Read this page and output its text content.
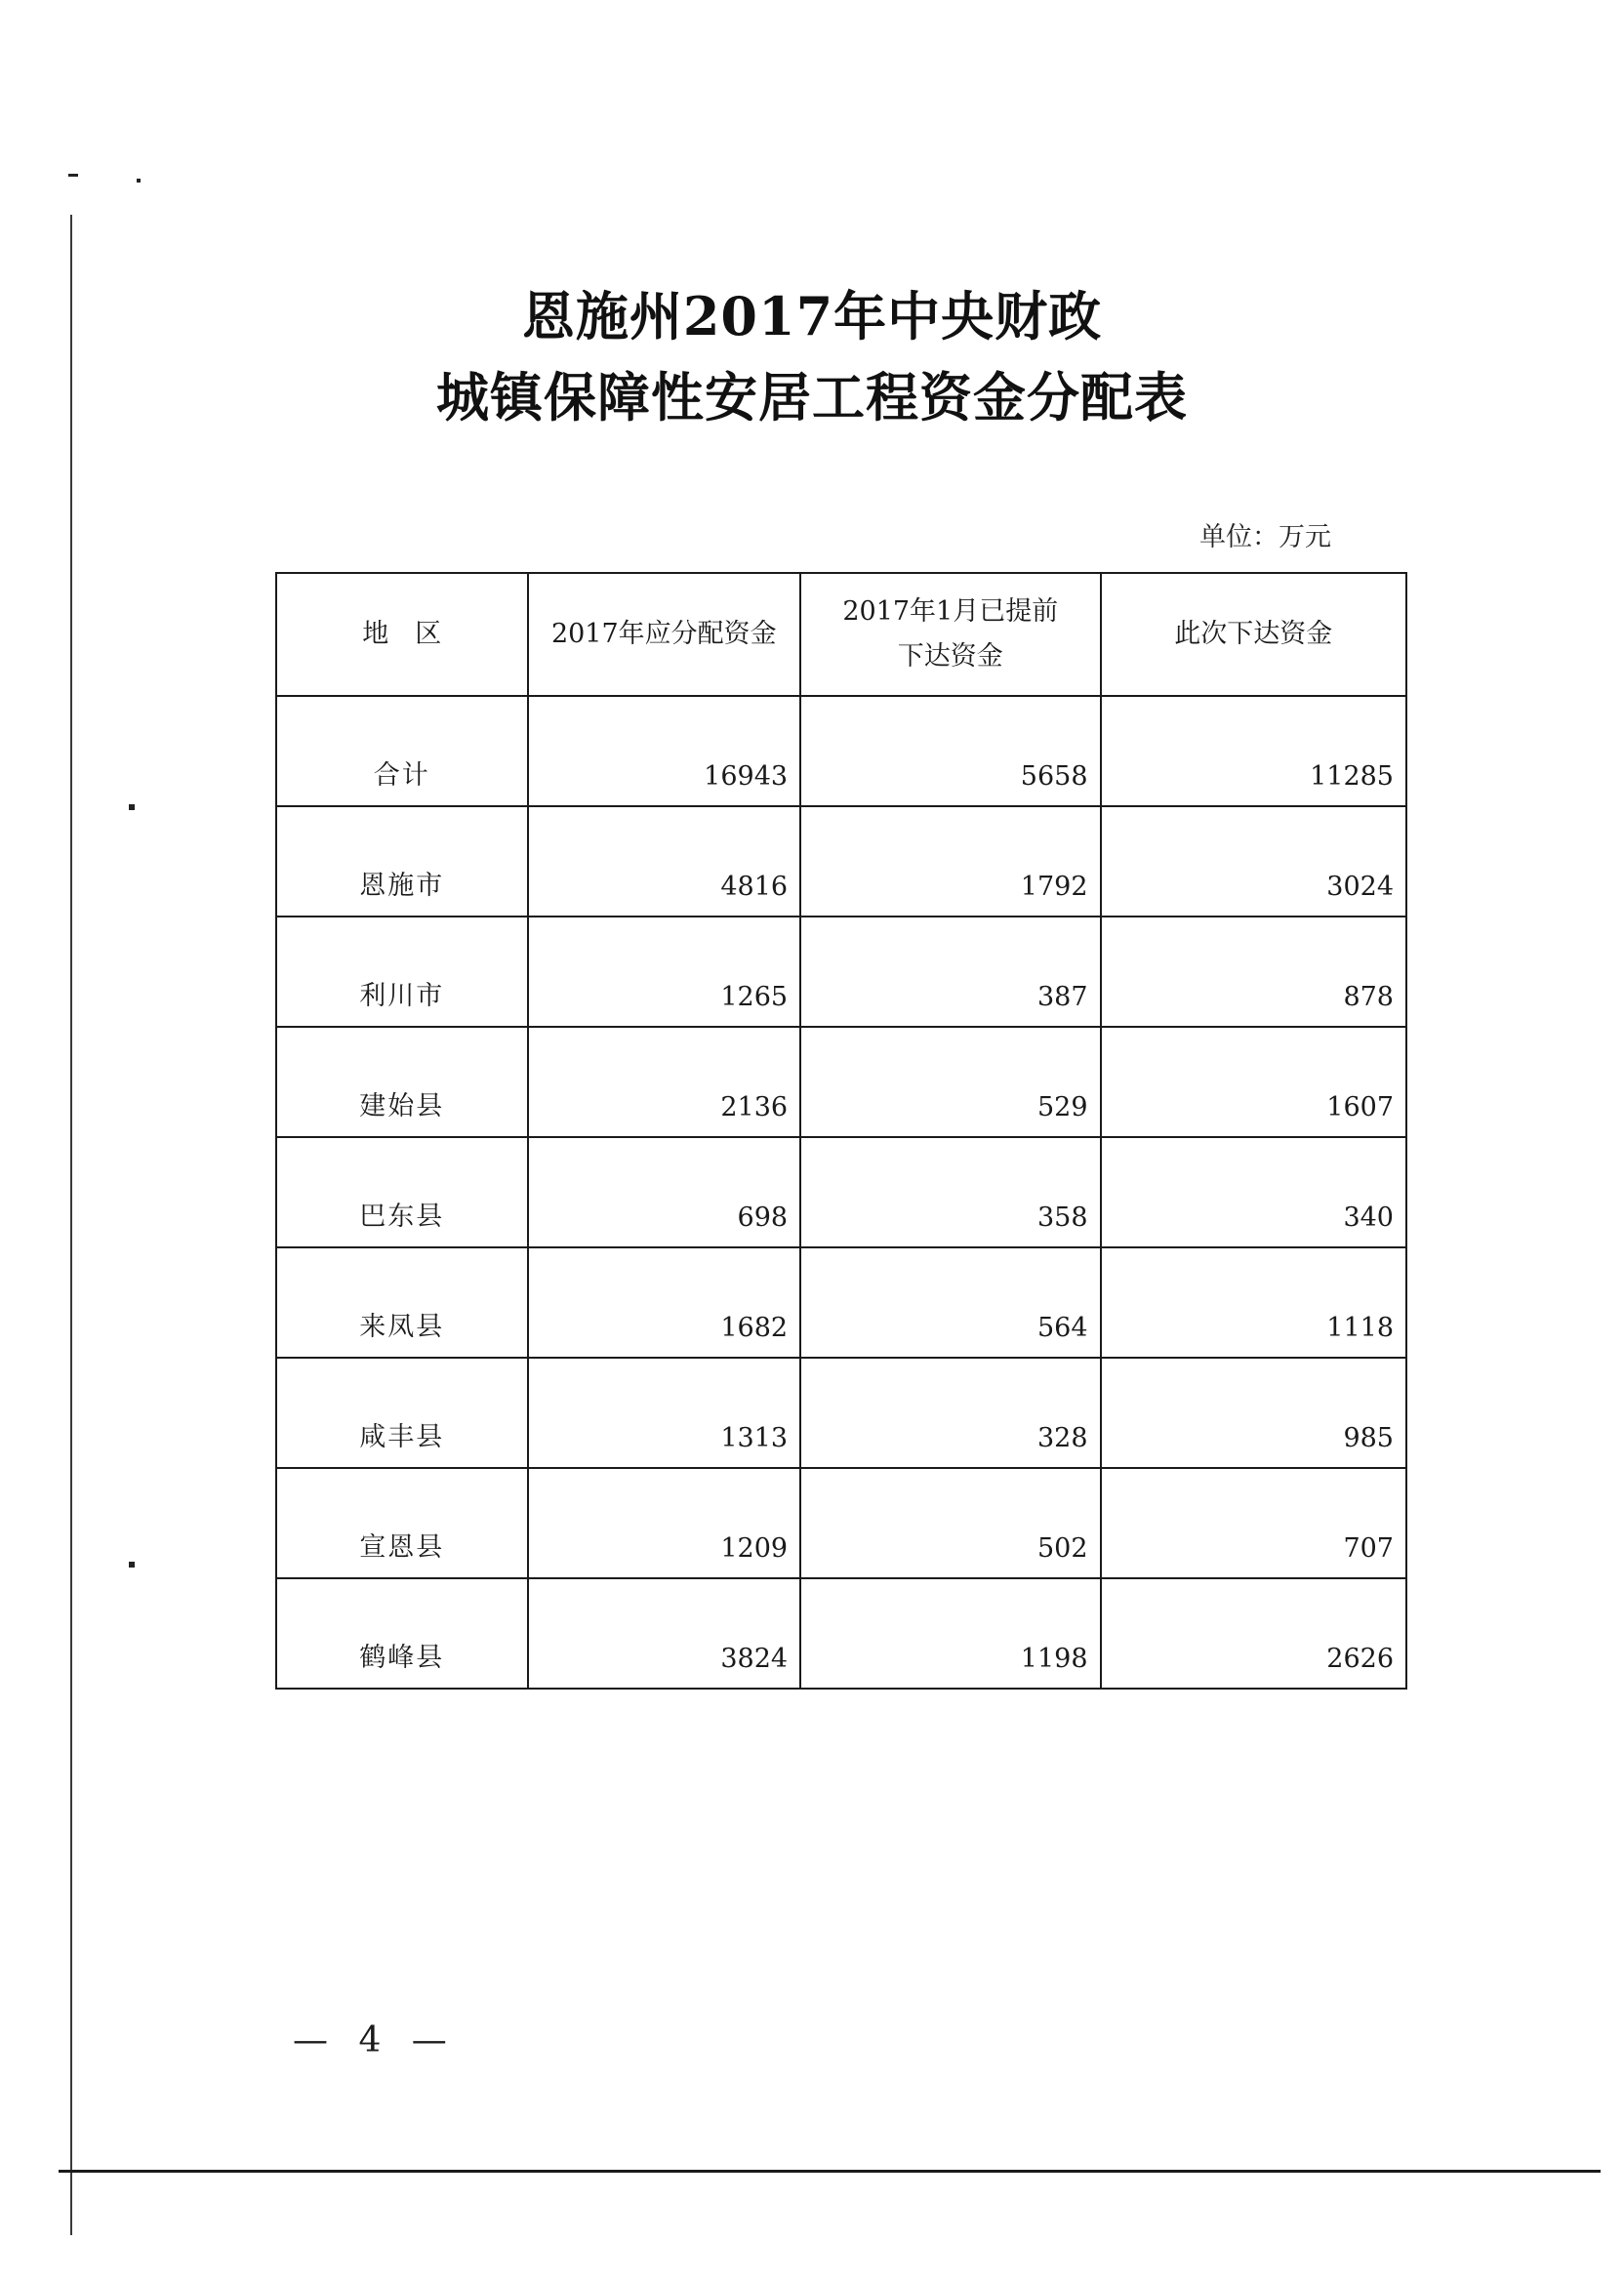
恩施州2017年中央财政
城镇保障性安居工程资金分配表
单位：万元
地　区	2017年应分配资金	2017年1月已提前
下达资金	此次下达资金
合计	16943	5658	11285
恩施市	4816	1792	3024
利川市	1265	387	878
建始县	2136	529	1607
巴东县	698	358	340
来凤县	1682	564	1118
咸丰县	1313	328	985
宣恩县	1209	502	707
鹤峰县	3824	1198	2626
— 4 —
